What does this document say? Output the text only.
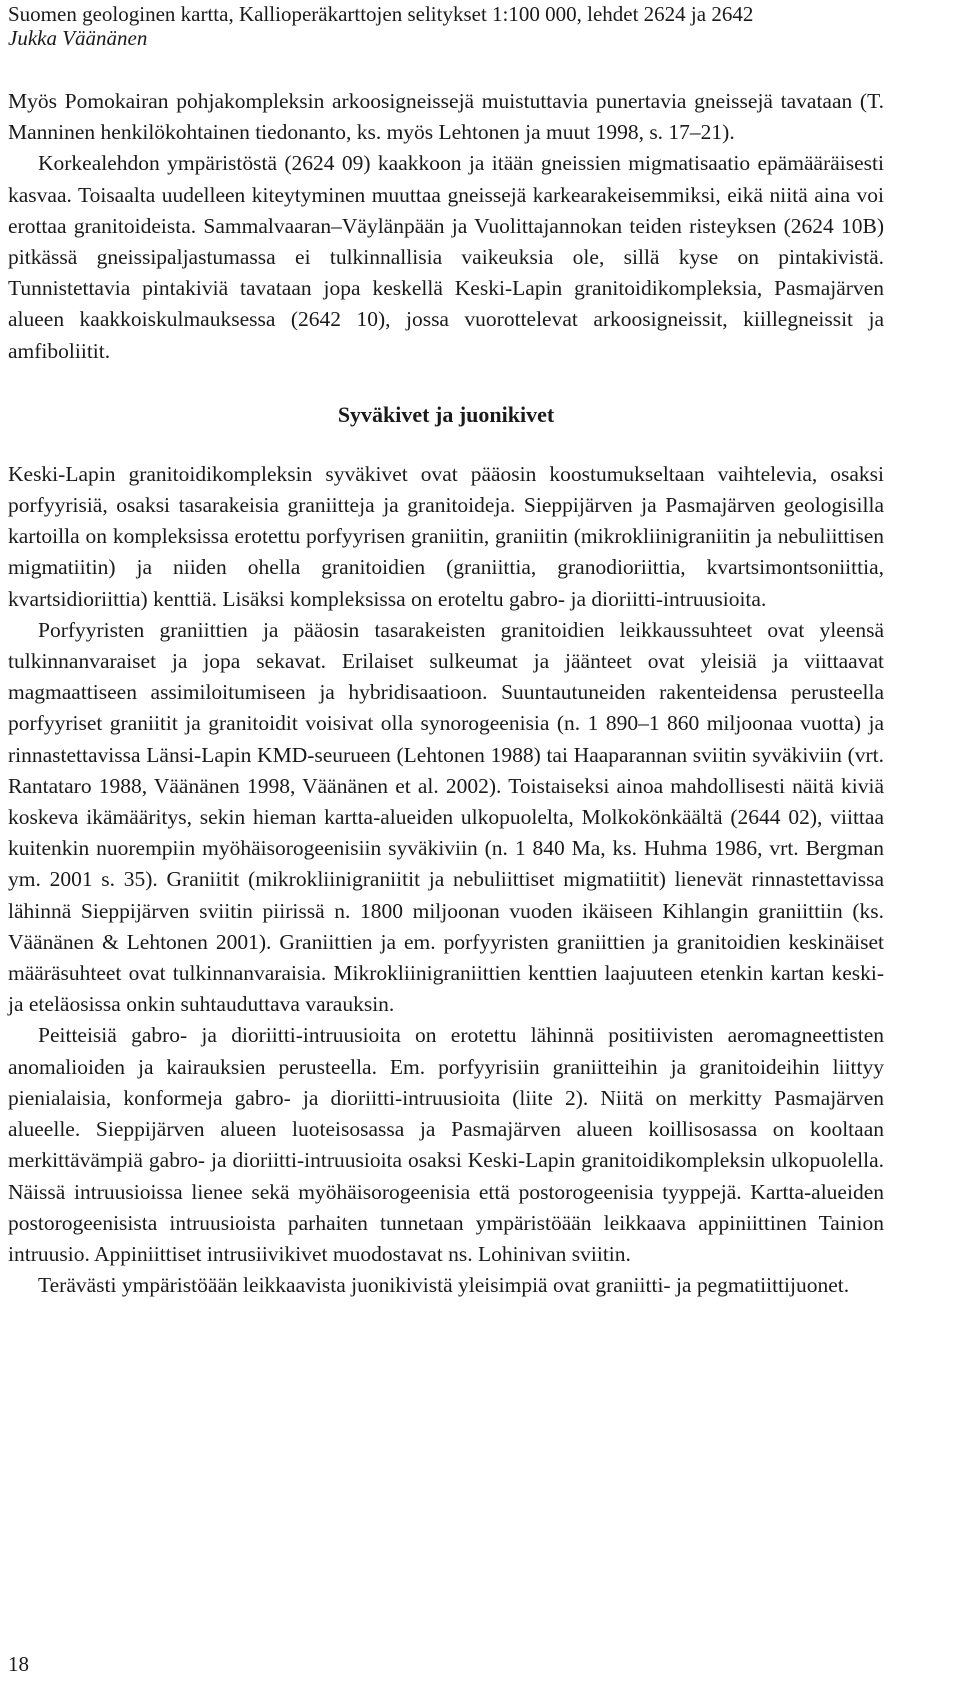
Suomen geologinen kartta, Kallioperäkarttojen selitykset 1:100 000, lehdet 2624 ja 2642
Jukka Väänänen

Myös Pomokairan pohjakompleksin arkoosigneissejä muistuttavia punertavia gneissejä tavataan (T. Manninen henkilökohtainen tiedonanto, ks. myös Lehtonen ja muut 1998, s. 17–21).

Korkealehdon ympäristöstä (2624 09) kaakkoon ja itään gneissien migmatisaatio epämääräisesti kasvaa. Toisaalta uudelleen kiteytyminen muuttaa gneissejä karkearakeisemmiksi, eikä niitä aina voi erottaa granitoideista. Sammalvaaran–Väylänpään ja Vuolittajannokan teiden risteyksen (2624 10B) pitkässä gneissipaljastumassa ei tulkinnallisia vaikeuksia ole, sillä kyse on pintakivistä. Tunnistettavia pintakiviä tavataan jopa keskellä Keski-Lapin granitoidikompleksia, Pasmajärven alueen kaakkoiskulmauksessa (2642 10), jossa vuorottelevat arkoosigneissit, kiillegneissit ja amfiboliitit.

Syväkivet ja juonikivet

Keski-Lapin granitoidikompleksin syväkivet ovat pääosin koostumukseltaan vaihtelevia, osaksi porfyyrisiä, osaksi tasarakeisia graniitteja ja granitoideja. Sieppijärven ja Pasmajärven geologisilla kartoilla on kompleksissa erotettu porfyyrisen graniitin, graniitin (mikrokliinigraniitin ja nebuliittisen migmatiitin) ja niiden ohella granitoidien (graniittia, granodioriittia, kvartsimontsoniittia, kvartsidioriittia) kenttiä. Lisäksi kompleksissa on eroteltu gabro- ja dioriitti-intruusioita.

Porfyyristen graniittien ja pääosin tasarakeisten granitoidien leikkaussuhteet ovat yleensä tulkinnanvaraiset ja jopa sekavat. Erilaiset sulkeumat ja jäänteet ovat yleisiä ja viittaavat magmaattiseen assimiloitumiseen ja hybridisaatioon. Suuntautuneiden rakenteidensa perusteella porfyyriset graniitit ja granitoidit voisivat olla synorogeenisia (n. 1 890–1 860 miljoonaa vuotta) ja rinnastettavissa Länsi-Lapin KMD-seurueen (Lehtonen 1988) tai Haaparannan sviitin syväkiviin (vrt. Rantataro 1988, Väänänen 1998, Väänänen et al. 2002). Toistaiseksi ainoa mahdollisesti näitä kiviä koskeva ikämääritys, sekin hieman kartta-alueiden ulkopuolelta, Molkokönkäältä (2644 02), viittaa kuitenkin nuorempiin myöhäisorogeenisiin syväkiviin (n. 1 840 Ma, ks. Huhma 1986, vrt. Bergman ym. 2001 s. 35). Graniitit (mikrokliinigraniitit ja nebuliittiset migmatiitit) lienevät rinnastettavissa lähinnä Sieppijärven sviitin piirissä n. 1800 miljoonan vuoden ikäiseen Kihlangin graniittiin (ks. Väänänen & Lehtonen 2001). Graniittien ja em. porfyyristen graniittien ja granitoidien keskinäiset määräsuhteet ovat tulkinnanvaraisia. Mikrokliinigraniittien kenttien laajuuteen etenkin kartan keski- ja eteläosissa onkin suhtauduttava varauksin.

Peitteisiä gabro- ja dioriitti-intruusioita on erotettu lähinnä positiivisten aeromagneettisten anomalioiden ja kairauksien perusteella. Em. porfyyrisiin graniitteihin ja granitoideihin liittyy pienialaisia, konformeja gabro- ja dioriitti-intruusioita (liite 2). Niitä on merkitty Pasmajärven alueelle. Sieppijärven alueen luoteisosassa ja Pasmajärven alueen koillisosassa on kooltaan merkittävämpiä gabro- ja dioriitti-intruusioita osaksi Keski-Lapin granitoidikompleksin ulkopuolella. Näissä intruusioissa lienee sekä myöhäisorogeenisia että postorogeenisia tyyppejä. Kartta-alueiden postorogeenisista intruusioista parhaiten tunnetaan ympäristöään leikkaava appiniittinen Tainion intruusio. Appiniittiset intrusiivikivet muodostavat ns. Lohinivan sviitin.

Terävästi ympäristöään leikkaavista juonikivistä yleisimpiä ovat graniitti- ja pegmatiittijuonet.

18
